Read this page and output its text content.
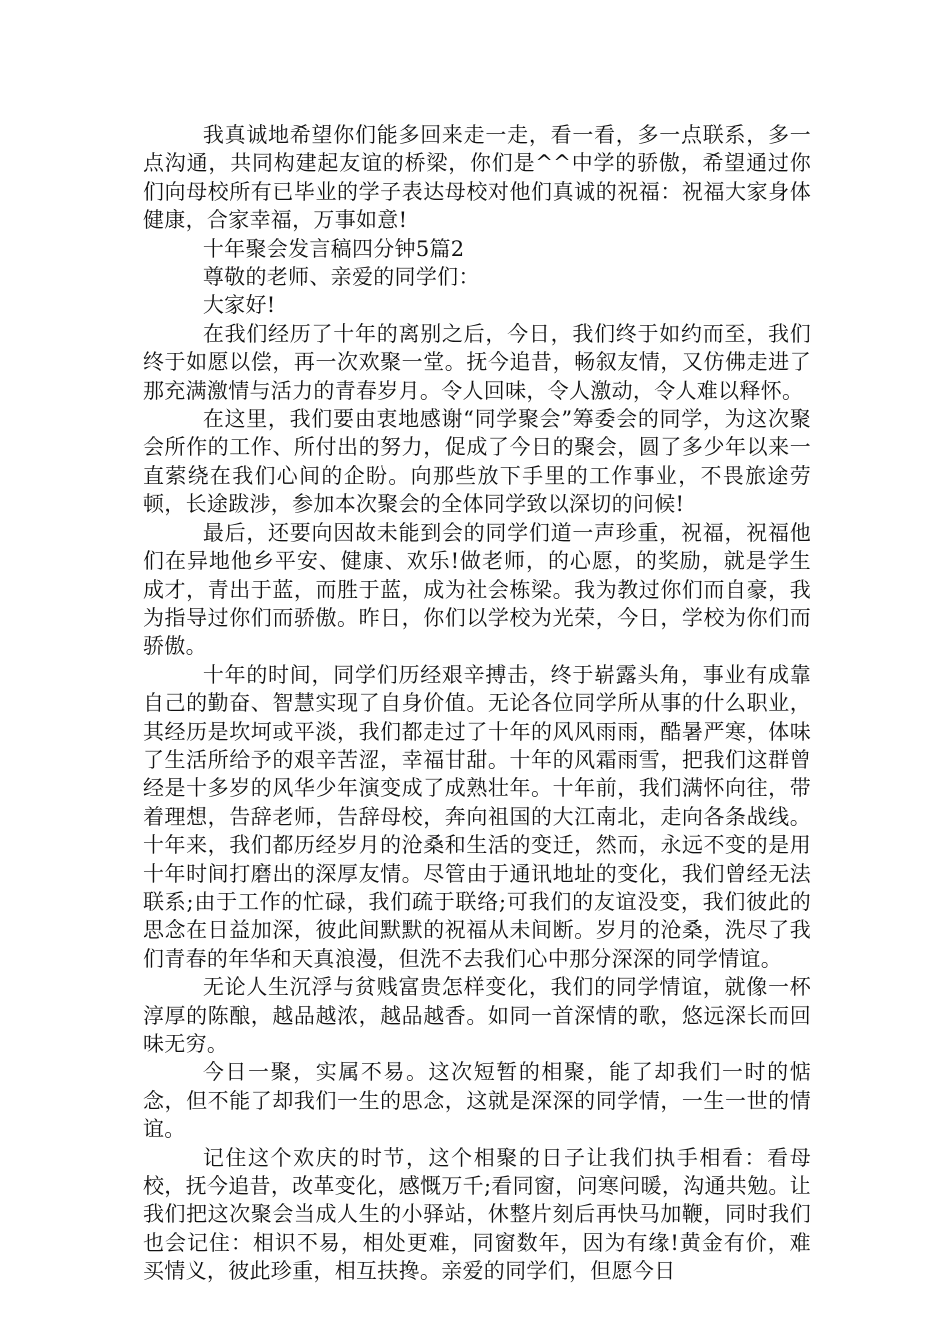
我真诚地希望你们能多回来走一走，看一看，多一点联系，多一点沟通，共同构建起友谊的桥梁，你们是^^中学的骄傲，希望通过你们向母校所有已毕业的学子表达母校对他们真诚的祝福：祝福大家身体健康，合家幸福，万事如意!

十年聚会发言稿四分钟5篇2

尊敬的老师、亲爱的同学们：

大家好!

在我们经历了十年的离别之后，今日，我们终于如约而至，我们终于如愿以偿，再一次欢聚一堂。抚今追昔，畅叙友情，又仿佛走进了那充满激情与活力的青春岁月。令人回味，令人激动，令人难以释怀。

在这里，我们要由衷地感谢“同学聚会”筹委会的同学，为这次聚会所作的工作、所付出的努力，促成了今日的聚会，圆了多少年以来一直萦绕在我们心间的企盼。向那些放下手里的工作事业，不畏旅途劳顿，长途跋涉，参加本次聚会的全体同学致以深切的问候!

最后，还要向因故未能到会的同学们道一声珍重，祝福，祝福他们在异地他乡平安、健康、欢乐!做老师，的心愿，的奖励，就是学生成才，青出于蓝，而胜于蓝，成为社会栋梁。我为教过你们而自豪，我为指导过你们而骄傲。昨日，你们以学校为光荣，今日，学校为你们而骄傲。

十年的时间，同学们历经艰辛搏击，终于崭露头角，事业有成靠自己的勤奋、智慧实现了自身价值。无论各位同学所从事的什么职业，其经历是坎坷或平淡，我们都走过了十年的风风雨雨，酷暑严寒，体味了生活所给予的艰辛苦涩，幸福甘甜。十年的风霜雨雪，把我们这群曾经是十多岁的风华少年演变成了成熟壮年。十年前，我们满怀向往，带着理想，告辞老师，告辞母校，奔向祖国的大江南北，走向各条战线。十年来，我们都历经岁月的沧桑和生活的变迁，然而，永远不变的是用十年时间打磨出的深厚友情。尽管由于通讯地址的变化，我们曾经无法联系;由于工作的忙碌，我们疏于联络;可我们的友谊没变，我们彼此的思念在日益加深，彼此间默默的祝福从未间断。岁月的沧桑，洗尽了我们青春的年华和天真浪漫，但洗不去我们心中那分深深的同学情谊。

无论人生沉浮与贫贱富贵怎样变化，我们的同学情谊，就像一杯淳厚的陈酿，越品越浓，越品越香。如同一首深情的歌，悠远深长而回味无穷。

今日一聚，实属不易。这次短暂的相聚，能了却我们一时的惦念，但不能了却我们一生的思念，这就是深深的同学情，一生一世的情谊。

记住这个欢庆的时节，这个相聚的日子让我们执手相看：看母校，抚今追昔，改革变化，感慨万千;看同窗，问寒问暖，沟通共勉。让我们把这次聚会当成人生的小驿站，休整片刻后再快马加鞭，同时我们也会记住：相识不易，相处更难，同窗数年，因为有缘!黄金有价，难买情义，彼此珍重，相互扶搀。亲爱的同学们，但愿今日
